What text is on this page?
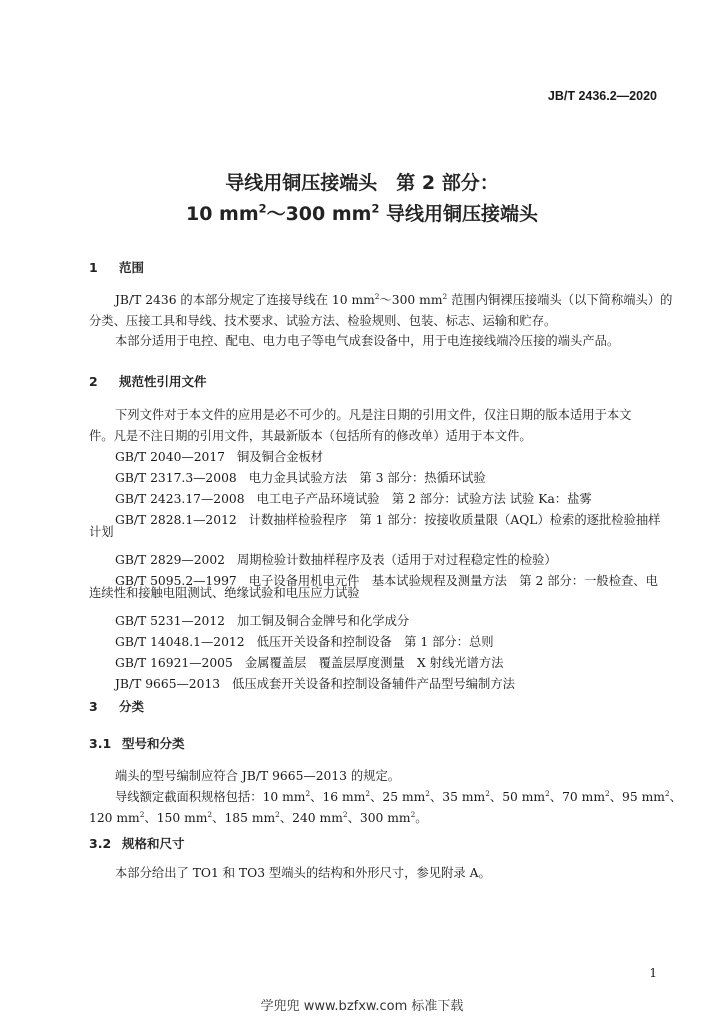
JB/T 2436.2—2020
导线用铜压接端头　第 2 部分：
10 $mm^2\sim 300$ $mm^2$ 导线用铜压接端头
1 范围
JB/T 2436 的本部分规定了连接导线在 10 $mm^2\sim 300$ $mm^2$ 范围内铜裸压接端头（以下简称端头）的
分类、压接工具和导线、技术要求、试验方法、检验规则、包装、标志、运输和贮存。
本部分适用于电控、配电、电力电子等电气成套设备中，用于电连接线端冷压接的端头产品。
2 规范性引用文件
下列文件对于本文件的应用是必不可少的。凡是注日期的引用文件，仅注日期的版本适用于本文
件。凡是不注日期的引用文件，其最新版本（包括所有的修改单）适用于本文件。
GB/T 2040—2017 铜及铜合金板材
GB/T 2317.3—2008 电力金具试验方法　第 3 部分：热循环试验
GB/T 2423.17—2008 电工电子产品环境试验　第 2 部分：试验方法 试验 Ka：盐雾
GB/T 2828.1—2012 计数抽样检验程序　第 1 部分：按接收质量限（AQL）检索的逐批检验抽样
计划
GB/T 2829—2002 周期检验计数抽样程序及表（适用于对过程稳定性的检验）
GB/T 5095.2—1997 电子设备用机电元件　基本试验规程及测量方法　第 2 部分：一般检查、电
连续性和接触电阻测试、绝缘试验和电压应力试验
GB/T 5231—2012 加工铜及铜合金牌号和化学成分
GB/T 14048.1—2012 低压开关设备和控制设备　第 1 部分：总则
GB/T 16921—2005 金属覆盖层　覆盖层厚度测量　X 射线光谱方法
JB/T 9665—2013 低压成套开关设备和控制设备辅件产品型号编制方法
3 分类
3.1 型号和分类
端头的型号编制应符合 JB/T 9665—2013 的规定。
导线额定截面积规格包括：10 $mm^2$、16 $mm^2$、25 $mm^2$、35 $mm^2$、50 $mm^2$、70 $mm^2$、95 $mm^2$、
120 $mm^2$、150 $mm^2$、185 $mm^2$、240 $mm^2$、300 $mm^2$。
3.2 规格和尺寸
本部分给出了 TO1 和 TO3 型端头的结构和外形尺寸，参见附录 A。
1
学兜兜 www.bzfxw.com 标准下载
